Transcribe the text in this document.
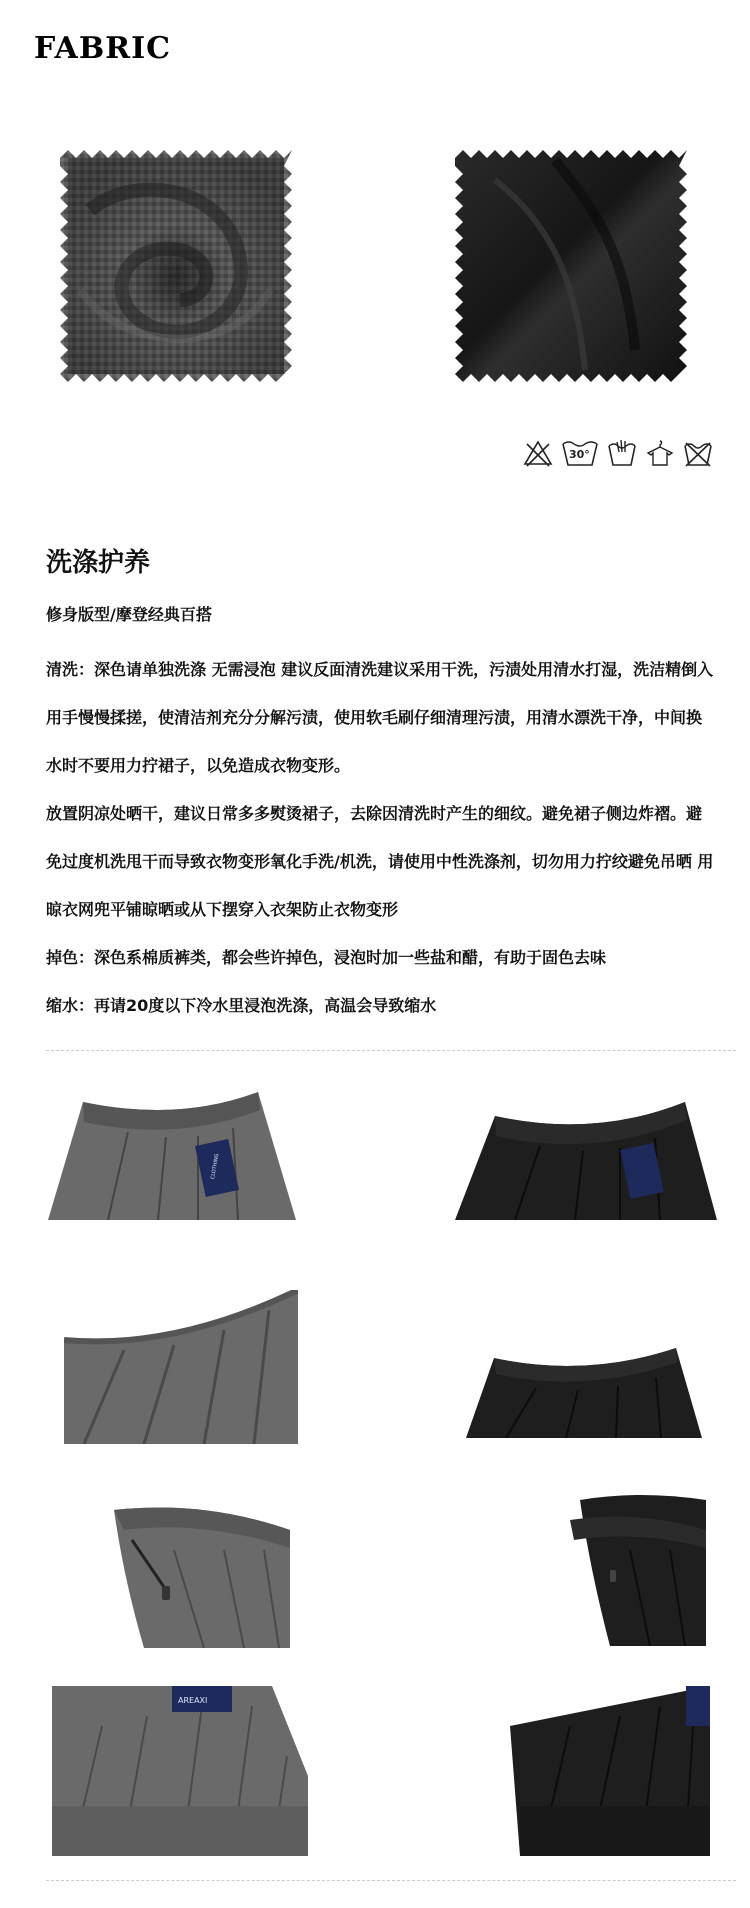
FABRIC
30°
洗涤护养
修身版型/摩登经典百搭

清洗：深色请单独洗涤 无需浸泡 建议反面清洗建议采用干洗，污渍处用清水打湿，洗洁精倒入用手慢慢揉搓，使清洁剂充分分解污渍，使用软毛刷仔细清理污渍，用清水漂洗干净，中间换水时不要用力拧裙子，以免造成衣物变形。

放置阴凉处晒干，建议日常多多熨烫裙子，去除因清洗时产生的细纹。避免裙子侧边炸褶。避免过度机洗甩干而导致衣物变形氧化手洗/机洗，请使用中性洗涤剂，切勿用力拧绞避免吊晒 用晾衣网兜平铺晾晒或从下摆穿入衣架防止衣物变形

掉色：深色系棉质裤类，都会些许掉色，浸泡时加一些盐和醋，有助于固色去味

缩水：再请20度以下冷水里浸泡洗涤，高温会导致缩水

CLOTHING
AREAXI
